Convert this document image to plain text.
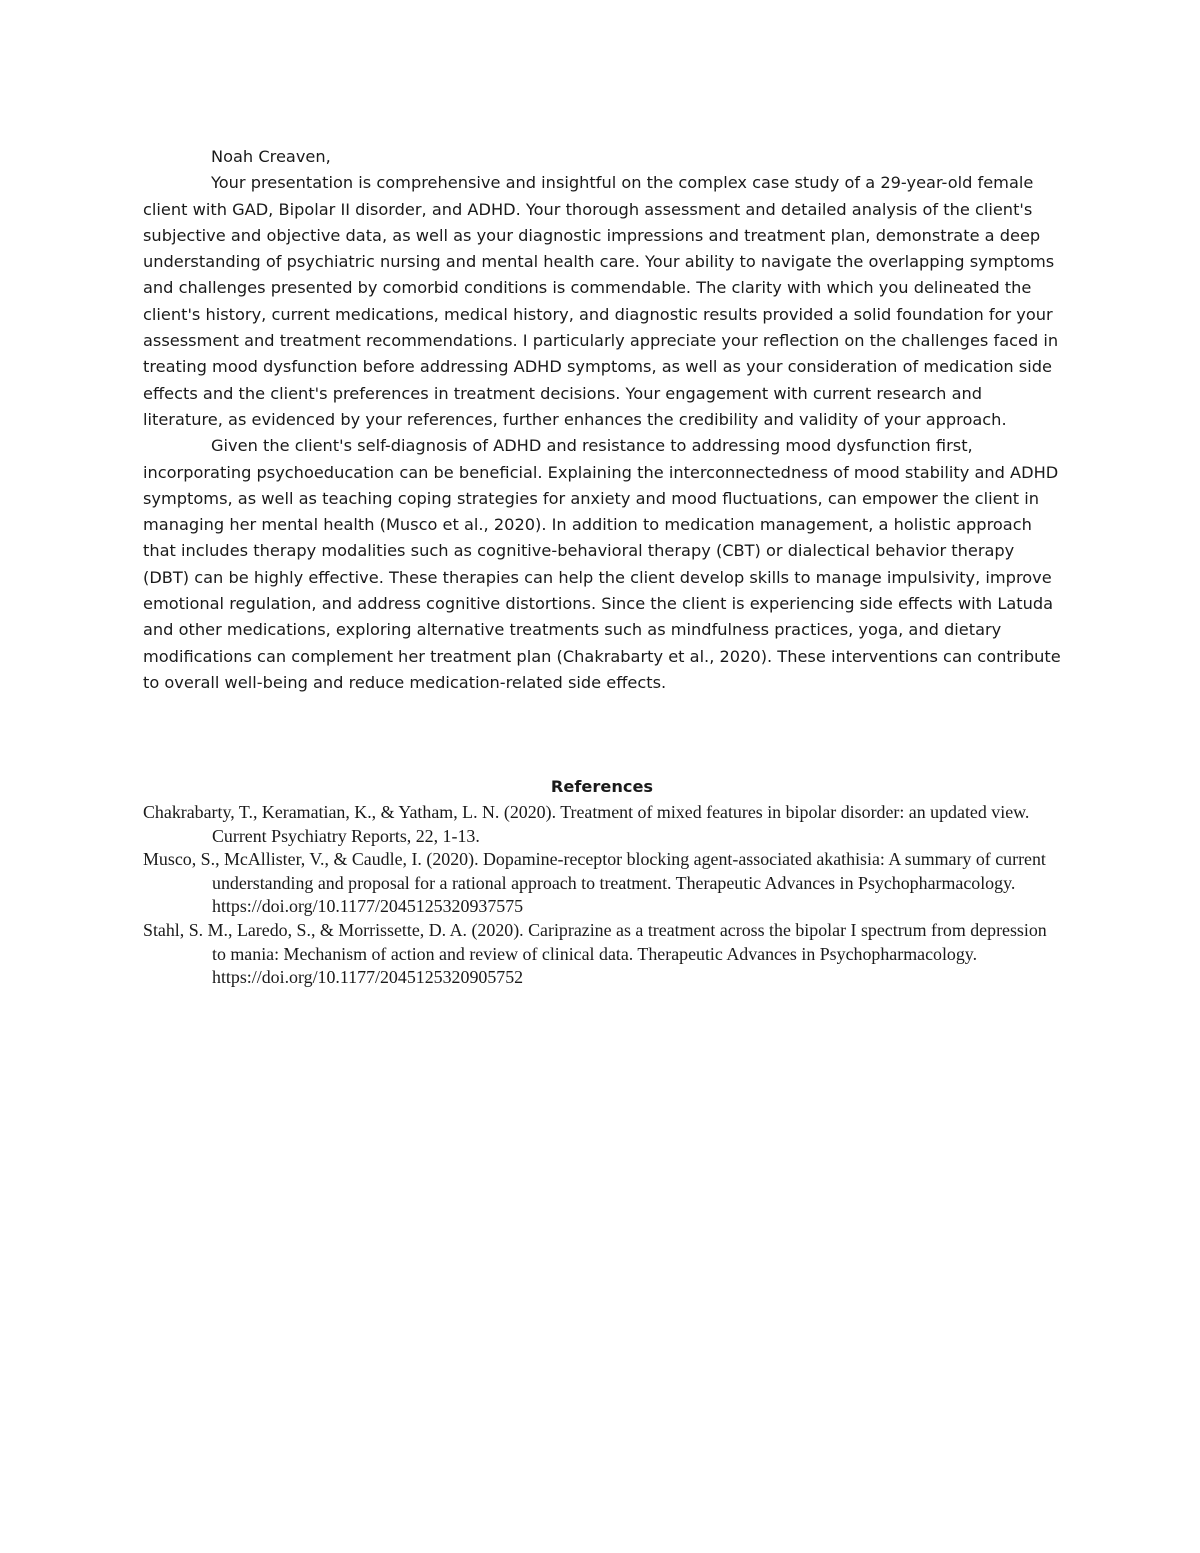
Noah Creaven,

Your presentation is comprehensive and insightful on the complex case study of a 29-year-old female client with GAD, Bipolar II disorder, and ADHD. Your thorough assessment and detailed analysis of the client's subjective and objective data, as well as your diagnostic impressions and treatment plan, demonstrate a deep understanding of psychiatric nursing and mental health care. Your ability to navigate the overlapping symptoms and challenges presented by comorbid conditions is commendable. The clarity with which you delineated the client's history, current medications, medical history, and diagnostic results provided a solid foundation for your assessment and treatment recommendations. I particularly appreciate your reflection on the challenges faced in treating mood dysfunction before addressing ADHD symptoms, as well as your consideration of medication side effects and the client's preferences in treatment decisions. Your engagement with current research and literature, as evidenced by your references, further enhances the credibility and validity of your approach.

Given the client's self-diagnosis of ADHD and resistance to addressing mood dysfunction first, incorporating psychoeducation can be beneficial. Explaining the interconnectedness of mood stability and ADHD symptoms, as well as teaching coping strategies for anxiety and mood fluctuations, can empower the client in managing her mental health (Musco et al., 2020). In addition to medication management, a holistic approach that includes therapy modalities such as cognitive-behavioral therapy (CBT) or dialectical behavior therapy (DBT) can be highly effective. These therapies can help the client develop skills to manage impulsivity, improve emotional regulation, and address cognitive distortions. Since the client is experiencing side effects with Latuda and other medications, exploring alternative treatments such as mindfulness practices, yoga, and dietary modifications can complement her treatment plan (Chakrabarty et al., 2020). These interventions can contribute to overall well-being and reduce medication-related side effects.

References

Chakrabarty, T., Keramatian, K., & Yatham, L. N. (2020). Treatment of mixed features in bipolar disorder: an updated view. Current Psychiatry Reports, 22, 1-13.

Musco, S., McAllister, V., & Caudle, I. (2020). Dopamine-receptor blocking agent-associated akathisia: A summary of current understanding and proposal for a rational approach to treatment. Therapeutic Advances in Psychopharmacology. https://doi.org/10.1177/2045125320937575

Stahl, S. M., Laredo, S., & Morrissette, D. A. (2020). Cariprazine as a treatment across the bipolar I spectrum from depression to mania: Mechanism of action and review of clinical data. Therapeutic Advances in Psychopharmacology. https://doi.org/10.1177/2045125320905752
